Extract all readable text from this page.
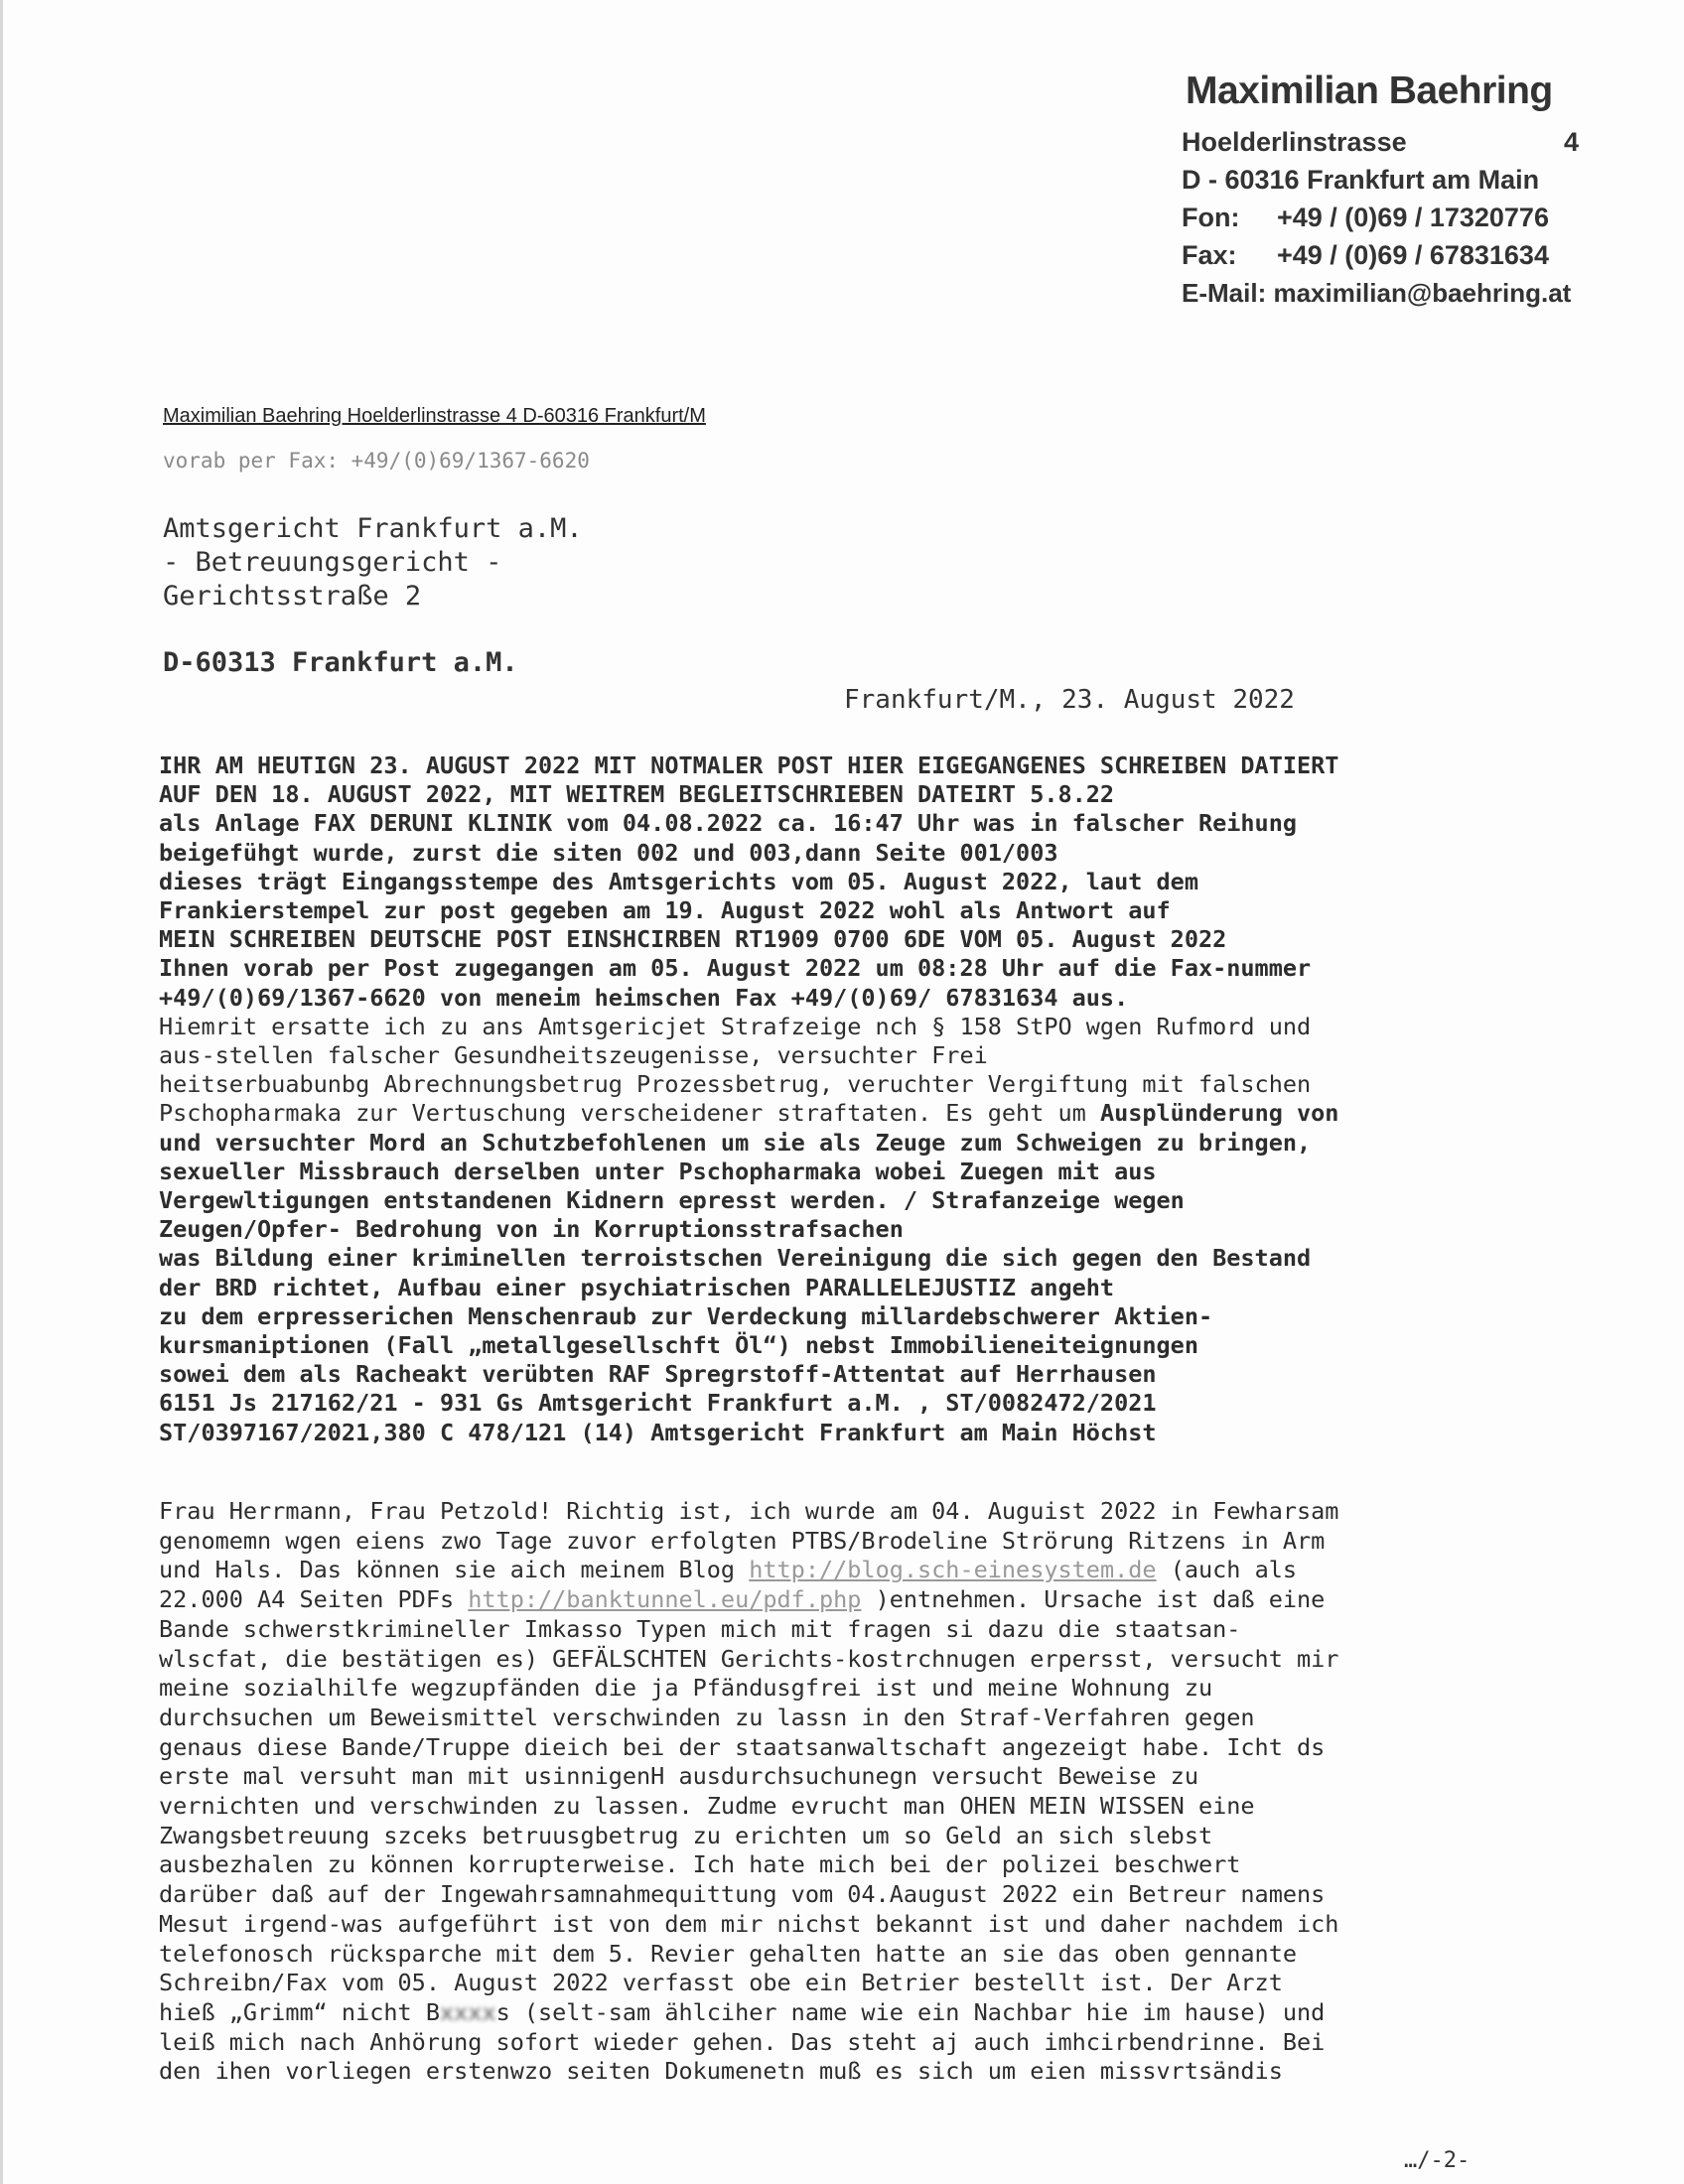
Maximilian Baehring
Hoelderlinstrasse	4
D - 60316 Frankfurt am Main
Fon: +49 / (0)69 / 17320776
Fax: +49 / (0)69 / 67831634
E-Mail: maximilian@baehring.at
Maximilian Baehring Hoelderlinstrasse 4 D-60316 Frankfurt/M
vorab per Fax: +49/(0)69/1367-6620
Amtsgericht Frankfurt a.M.
- Betreuungsgericht -
Gerichtsstraße 2
D-60313 Frankfurt a.M.
Frankfurt/M., 23. August 2022
IHR AM HEUTIGN 23. AUGUST 2022 MIT NOTMALER POST HIER EIGEGANGENES SCHREIBEN DATIERT
AUF DEN 18. AUGUST 2022, MIT WEITREM BEGLEITSCHRIEBEN DATEIRT 5.8.22
als Anlage FAX DERUNI KLINIK vom 04.08.2022 ca. 16:47 Uhr was in falscher Reihung
beigefühgt wurde, zurst die siten 002 und 003,dann Seite 001/003
dieses trägt Eingangsstempe des Amtsgerichts vom 05. August 2022, laut dem
Frankierstempel zur post gegeben am 19. August 2022 wohl als Antwort auf
MEIN SCHREIBEN DEUTSCHE POST EINSHCIRBEN RT1909 0700 6DE VOM 05. August 2022
Ihnen vorab per Post zugegangen am 05. August 2022 um 08:28 Uhr auf die Fax-nummer
+49/(0)69/1367-6620 von meneim heimschen Fax +49/(0)69/ 67831634 aus.
Hiemrit ersatte ich zu ans Amtsgericjet Strafzeige nch § 158 StPO wgen Rufmord und
aus-stellen falscher Gesundheitszeugenisse, versuchter Frei
heitserbuabunbg Abrechnungsbetrug Prozessbetrug, veruchter Vergiftung mit falschen
Pschopharmaka zur Vertuschung verscheidener straftaten. Es geht um Ausplünderung von
und versuchter Mord an Schutzbefohlenen um sie als Zeuge zum Schweigen zu bringen,
sexueller Missbrauch derselben unter Pschopharmaka wobei Zuegen mit aus
Vergewltigungen entstandenen Kidnern epresst werden. / Strafanzeige wegen
Zeugen/Opfer- Bedrohung von in Korruptionsstrafsachen
was Bildung einer kriminellen terroistschen Vereinigung die sich gegen den Bestand
der BRD richtet, Aufbau einer psychiatrischen PARALLELEJUSTIZ angeht
zu dem erpresserichen Menschenraub zur Verdeckung millardebschwerer Aktien-
kursmaniptionen (Fall „metallgesellschft Öl“) nebst Immobilieneiteignungen
sowei dem als Racheakt verübten RAF Spregrstoff-Attentat auf Herrhausen
6151 Js 217162/21 - 931 Gs Amtsgericht Frankfurt a.M. , ST/0082472/2021
ST/0397167/2021,380 C 478/121 (14) Amtsgericht Frankfurt am Main Höchst
Frau Herrmann, Frau Petzold! Richtig ist, ich wurde am 04. Auguist 2022 in Fewharsam
genomemn wgen eiens zwo Tage zuvor erfolgten PTBS/Brodeline Strörung Ritzens in Arm
und Hals. Das können sie aich meinem Blog http://blog.sch-einesystem.de (auch als
22.000 A4 Seiten PDFs http://banktunnel.eu/pdf.php )entnehmen. Ursache ist daß eine
Bande schwerstkrimineller Imkasso Typen mich mit fragen si dazu die staatsan-
wlscfat, die bestätigen es) GEFÄLSCHTEN Gerichts-kostrchnugen erpersst, versucht mir
meine sozialhilfe wegzupfänden die ja Pfändusgfrei ist und meine Wohnung zu
durchsuchen um Beweismittel verschwinden zu lassn in den Straf-Verfahren gegen
genaus diese Bande/Truppe dieich bei der staatsanwaltschaft angezeigt habe. Icht ds
erste mal versuht man mit usinnigenH ausdurchsuchunegn versucht Beweise zu
vernichten und verschwinden zu lassen. Zudme evrucht man OHEN MEIN WISSEN eine
Zwangsbetreuung szceks betruusgbetrug zu erichten um so Geld an sich slebst
ausbezhalen zu können korrupterweise. Ich hate mich bei der polizei beschwert
darüber daß auf der Ingewahrsamnahmequittung vom 04.Aaugust 2022 ein Betreur namens
Mesut irgend-was aufgeführt ist von dem mir nichst bekannt ist und daher nachdem ich
telefonosch rücksparche mit dem 5. Revier gehalten hatte an sie das oben gennante
Schreibn/Fax vom 05. August 2022 verfasst obe ein Betrier bestellt ist. Der Arzt
hieß „Grimm“ nicht Bxxxxs (selt-sam ählciher name wie ein Nachbar hie im hause) und
leiß mich nach Anhörung sofort wieder gehen. Das steht aj auch imhcirbendrinne. Bei
den ihen vorliegen erstenwzo seiten Dokumenetn muß es sich um eien missvrtsändis
…/-2-
